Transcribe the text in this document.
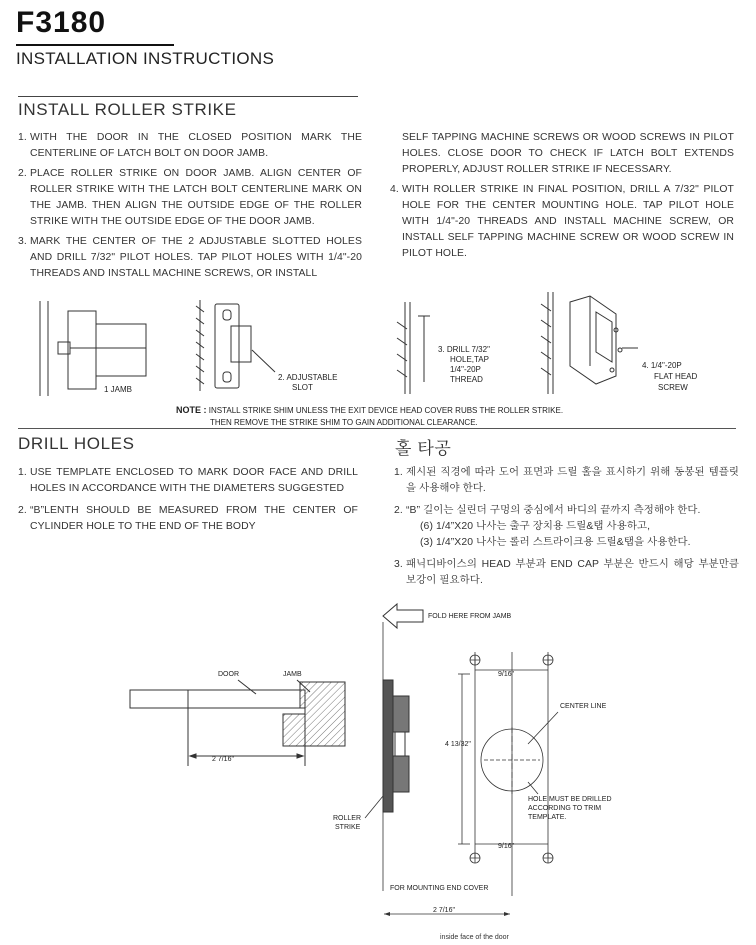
F3180
INSTALLATION INSTRUCTIONS
INSTALL ROLLER STRIKE
1. WITH THE DOOR IN THE CLOSED POSITION MARK THE CENTERLINE OF LATCH BOLT ON DOOR JAMB.
2. PLACE ROLLER STRIKE ON DOOR JAMB. ALIGN CENTER OF ROLLER STRIKE WITH THE LATCH BOLT CENTERLINE MARK ON THE JAMB. THEN ALIGN THE OUTSIDE EDGE OF THE ROLLER STRIKE WITH THE OUTSIDE EDGE OF THE DOOR JAMB.
3. MARK THE CENTER OF THE 2 ADJUSTABLE SLOTTED HOLES AND DRILL 7/32" PILOT HOLES. TAP PILOT HOLES WITH 1/4"-20 THREADS AND INSTALL MACHINE SCREWS, OR INSTALL
SELF TAPPING MACHINE SCREWS OR WOOD SCREWS IN PILOT HOLES. CLOSE DOOR TO CHECK IF LATCH BOLT EXTENDS PROPERLY, ADJUST ROLLER STRIKE IF NECESSARY.
4. WITH ROLLER STRIKE IN FINAL POSITION, DRILL A 7/32" PILOT HOLE FOR THE CENTER MOUNTING HOLE. TAP PILOT HOLE WITH 1/4"-20 THREADS AND INSTALL MACHINE SCREW, OR INSTALL SELF TAPPING MACHINE SCREW OR WOOD SCREW IN PILOT HOLE.
1 JAMB
2. ADJUSTABLE
SLOT
3. DRILL 7/32"
HOLE,TAP
1/4"-20P
THREAD
4. 1/4"-20P
FLAT HEAD
SCREW
NOTE : INSTALL STRIKE SHIM UNLESS THE EXIT DEVICE HEAD COVER RUBS THE ROLLER STRIKE.
THEN REMOVE THE STRIKE SHIM TO GAIN ADDITIONAL CLEARANCE.
DRILL HOLES
1. USE TEMPLATE ENCLOSED TO MARK DOOR FACE AND DRILL HOLES IN ACCORDANCE WITH THE DIAMETERS SUGGESTED
2. “B”LENTH SHOULD BE MEASURED FROM THE CENTER OF CYLINDER HOLE TO THE END OF THE BODY
홀 타공
1. 제시된 직경에 따라 도어 표면과 드릴 홀을 표시하기 위해 동봉된 템플릿을 사용해야 한다.
2. “B” 길이는 실린더 구멍의 중심에서 바디의 끝까지 측정해야 한다.
(6) 1/4”X20 나사는 출구 장치용 드릴&탭 사용하고,
(3) 1/4”X20 나사는 롤러 스트라이크용 드릴&탭을 사용한다.
3. 패닉디바이스의 HEAD 부분과 END CAP 부분은 반드시 해당 부분만큼 보강이 필요하다.
DOOR	JAMB
2 7/16"
FOLD HERE FROM JAMB
ROLLER
STRIKE
9/16"
4 13/32"
CENTER LINE
HOLE MUST BE DRILLED
ACCORDING TO TRIM
TEMPLATE.
9/16"
FOR MOUNTING END COVER
2 7/16"
inside face of the door
